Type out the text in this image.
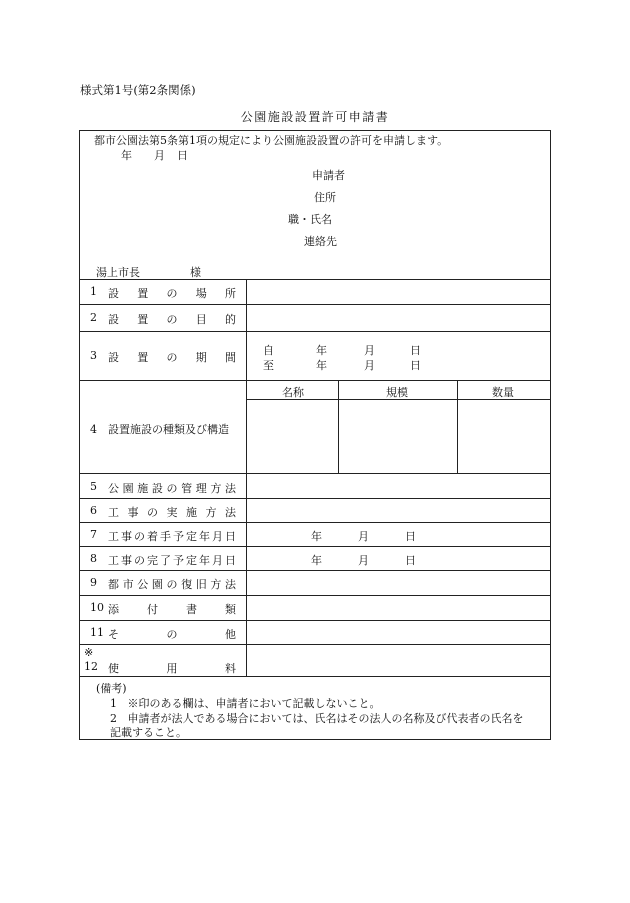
様式第1号(第2条関係)
公園施設設置許可申請書
都市公園法第5条第1項の規定により公園施設設置の許可を申請します。
年 月 日
申請者
住所
職・氏名
連絡先
湯上市長	様
1	設 置 の 場 所
2	設 置 の 目 的
3	設 置 の 期 間
自	年	月	日
至	年	月	日
4 設置施設の種類及び構造
名称	規模	数量
5	公 園 施 設 の 管 理 方 法
6	工 事 の 実 施 方 法
7	工 事 の 着 手 予 定 年 月 日	年	月	日
8	工 事 の 完 了 予 定 年 月 日	年	月	日
9	都 市 公 園 の 復 旧 方 法
10 添	付	書	類
11 そ	の	他
※
12 使	用	料
(備考)
1 ※印のある欄は、申請者において記載しないこと。
2 申請者が法人である場合においては、氏名はその法人の名称及び代表者の氏名を
記載すること。
